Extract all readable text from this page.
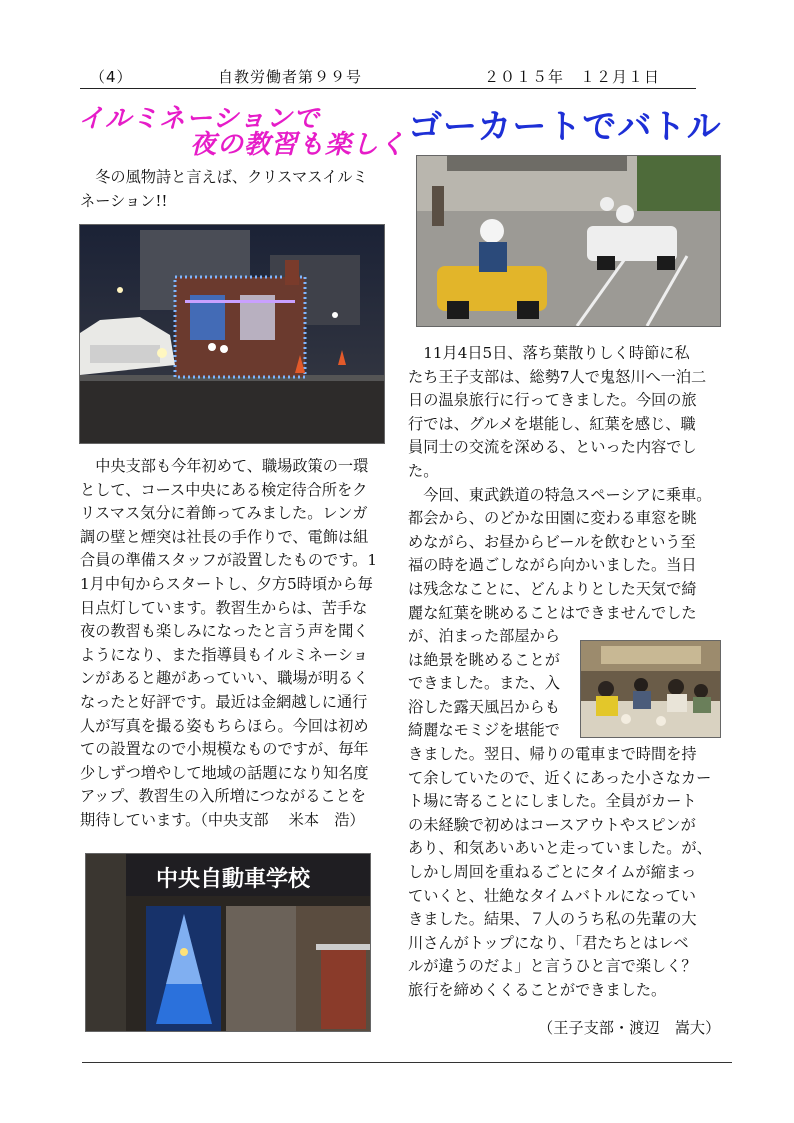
（4）	自教労働者第９９号	２０１５年　１２月１日
イルミネーションで
夜の教習も楽しく ゴーカートでバトル

　冬の風物詩と言えば、クリスマスイルミ

ネーション!!

　中央支部も今年初めて、職場政策の一環

として、コース中央にある検定待合所をク

リスマス気分に着飾ってみました。レンガ

調の壁と煙突は社長の手作りで、電飾は組

合員の準備スタッフが設置したものです。1

1月中旬からスタートし、夕方5時頃から毎

日点灯しています。教習生からは、苦手な

夜の教習も楽しみになったと言う声を聞く

ようになり、また指導員もイルミネーショ

ンがあると趣があっていい、職場が明るく

なったと好評です。最近は金網越しに通行

人が写真を撮る姿もちらほら。今回は初め

ての設置なので小規模なものですが、毎年

少しずつ増やして地域の話題になり知名度

アップ、教習生の入所増につながることを

期待しています。（中央支部　 米本　浩）

中央自動車学校

　11月4日5日、落ち葉散りしく時節に私

たち王子支部は、総勢7人で鬼怒川へ一泊二

日の温泉旅行に行ってきました。今回の旅

行では、グルメを堪能し、紅葉を感じ、職

員同士の交流を深める、といった内容でし

た。

　今回、東武鉄道の特急スペーシアに乗車。

都会から、のどかな田園に変わる車窓を眺

めながら、お昼からビールを飲むという至

福の時を過ごしながら向かいました。当日

は残念なことに、どんよりとした天気で綺

麗な紅葉を眺めることはできませんでした

が、泊まった部屋から

は絶景を眺めることが

できました。また、入

浴した露天風呂からも

綺麗なモミジを堪能で

きました。翌日、帰りの電車まで時間を持

て余していたので、近くにあった小さなカー

ト場に寄ることにしました。全員がカート

の未経験で初めはコースアウトやスピンが

あり、和気あいあいと走っていました。が、

しかし周回を重ねるごとにタイムが縮まっ

ていくと、壮絶なタイムバトルになってい

きました。結果、７人のうち私の先輩の大

川さんがトップになり、「君たちとはレベ

ルが違うのだよ」と言うひと言で楽しく？

旅行を締めくくることができました。

（王子支部・渡辺　嵩大）
